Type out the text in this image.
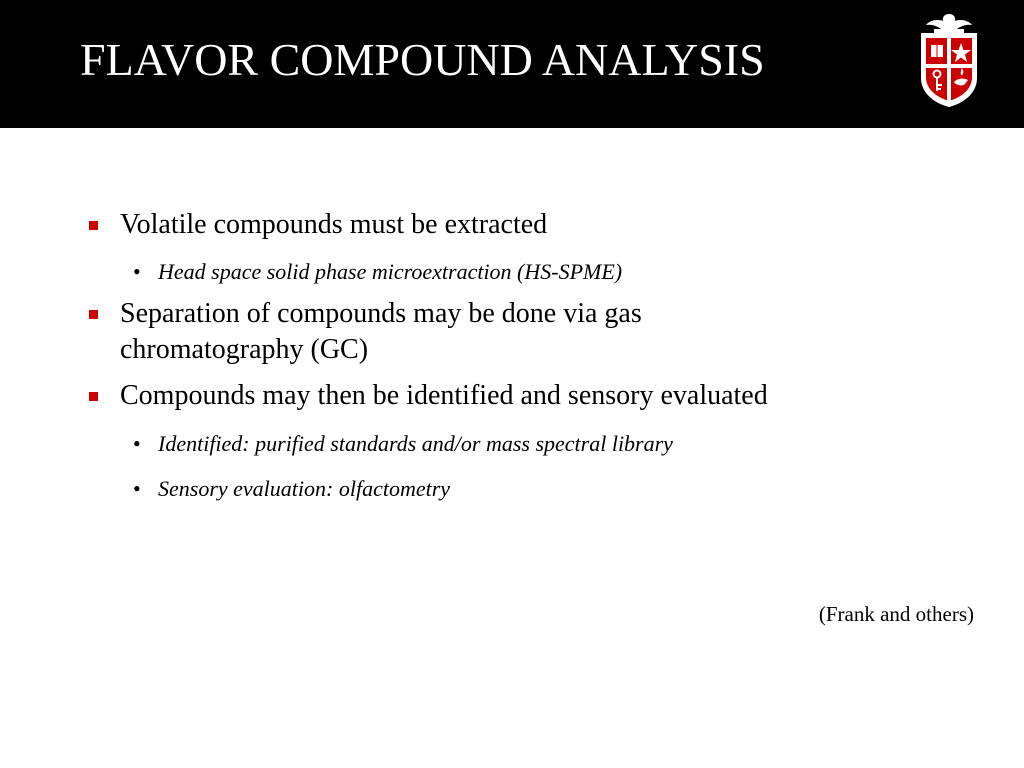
FLAVOR COMPOUND ANALYSIS
Volatile compounds must be extracted
• Head space solid phase microextraction (HS-SPME)
Separation of compounds may be done via gas chromatography (GC)
Compounds may then be identified and sensory evaluated
• Identified: purified standards and/or mass spectral library
• Sensory evaluation: olfactometry
(Frank and others)
